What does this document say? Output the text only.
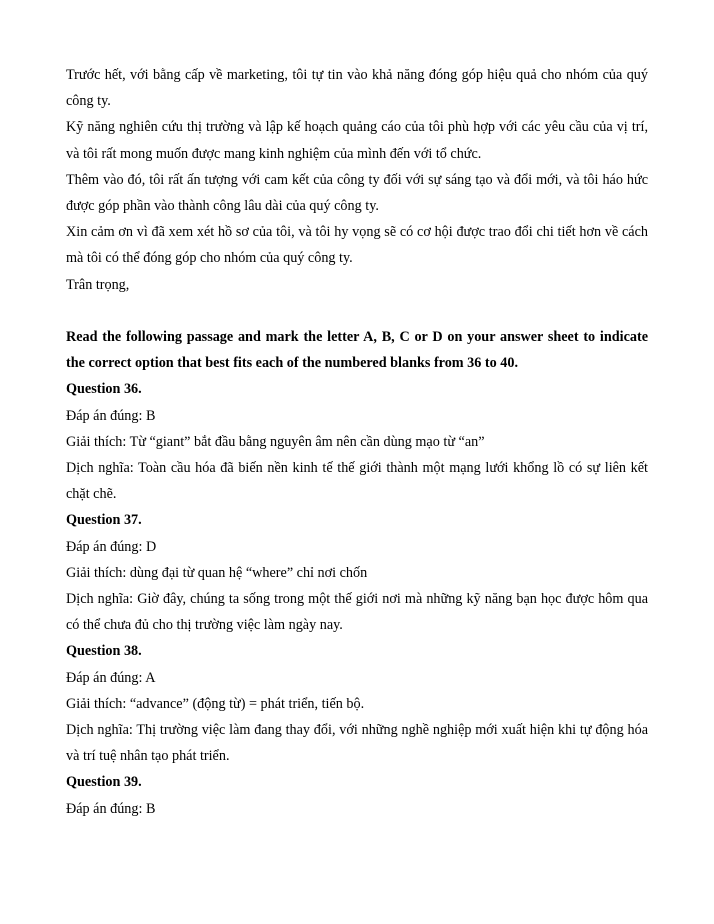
Trước hết, với bằng cấp về marketing, tôi tự tin vào khả năng đóng góp hiệu quả cho nhóm của quý công ty.

Kỹ năng nghiên cứu thị trường và lập kế hoạch quảng cáo của tôi phù hợp với các yêu cầu của vị trí, và tôi rất mong muốn được mang kinh nghiệm của mình đến với tổ chức.

Thêm vào đó, tôi rất ấn tượng với cam kết của công ty đối với sự sáng tạo và đổi mới, và tôi háo hức được góp phần vào thành công lâu dài của quý công ty.

Xin cảm ơn vì đã xem xét hồ sơ của tôi, và tôi hy vọng sẽ có cơ hội được trao đổi chi tiết hơn về cách mà tôi có thể đóng góp cho nhóm của quý công ty.

Trân trọng,

Read the following passage and mark the letter A, B, C or D on your answer sheet to indicate the correct option that best fits each of the numbered blanks from 36 to 40.

Question 36.

Đáp án đúng: B

Giải thích: Từ “giant” bắt đầu bằng nguyên âm nên cần dùng mạo từ “an”

Dịch nghĩa: Toàn cầu hóa đã biến nền kinh tế thế giới thành một mạng lưới khổng lồ có sự liên kết chặt chẽ.

Question 37.

Đáp án đúng: D

Giải thích: dùng đại từ quan hệ “where” chỉ nơi chốn

Dịch nghĩa: Giờ đây, chúng ta sống trong một thế giới nơi mà những kỹ năng bạn học được hôm qua có thể chưa đủ cho thị trường việc làm ngày nay.

Question 38.

Đáp án đúng: A

Giải thích: “advance” (động từ) = phát triển, tiến bộ.

Dịch nghĩa: Thị trường việc làm đang thay đổi, với những nghề nghiệp mới xuất hiện khi tự động hóa và trí tuệ nhân tạo phát triển.

Question 39.

Đáp án đúng: B
